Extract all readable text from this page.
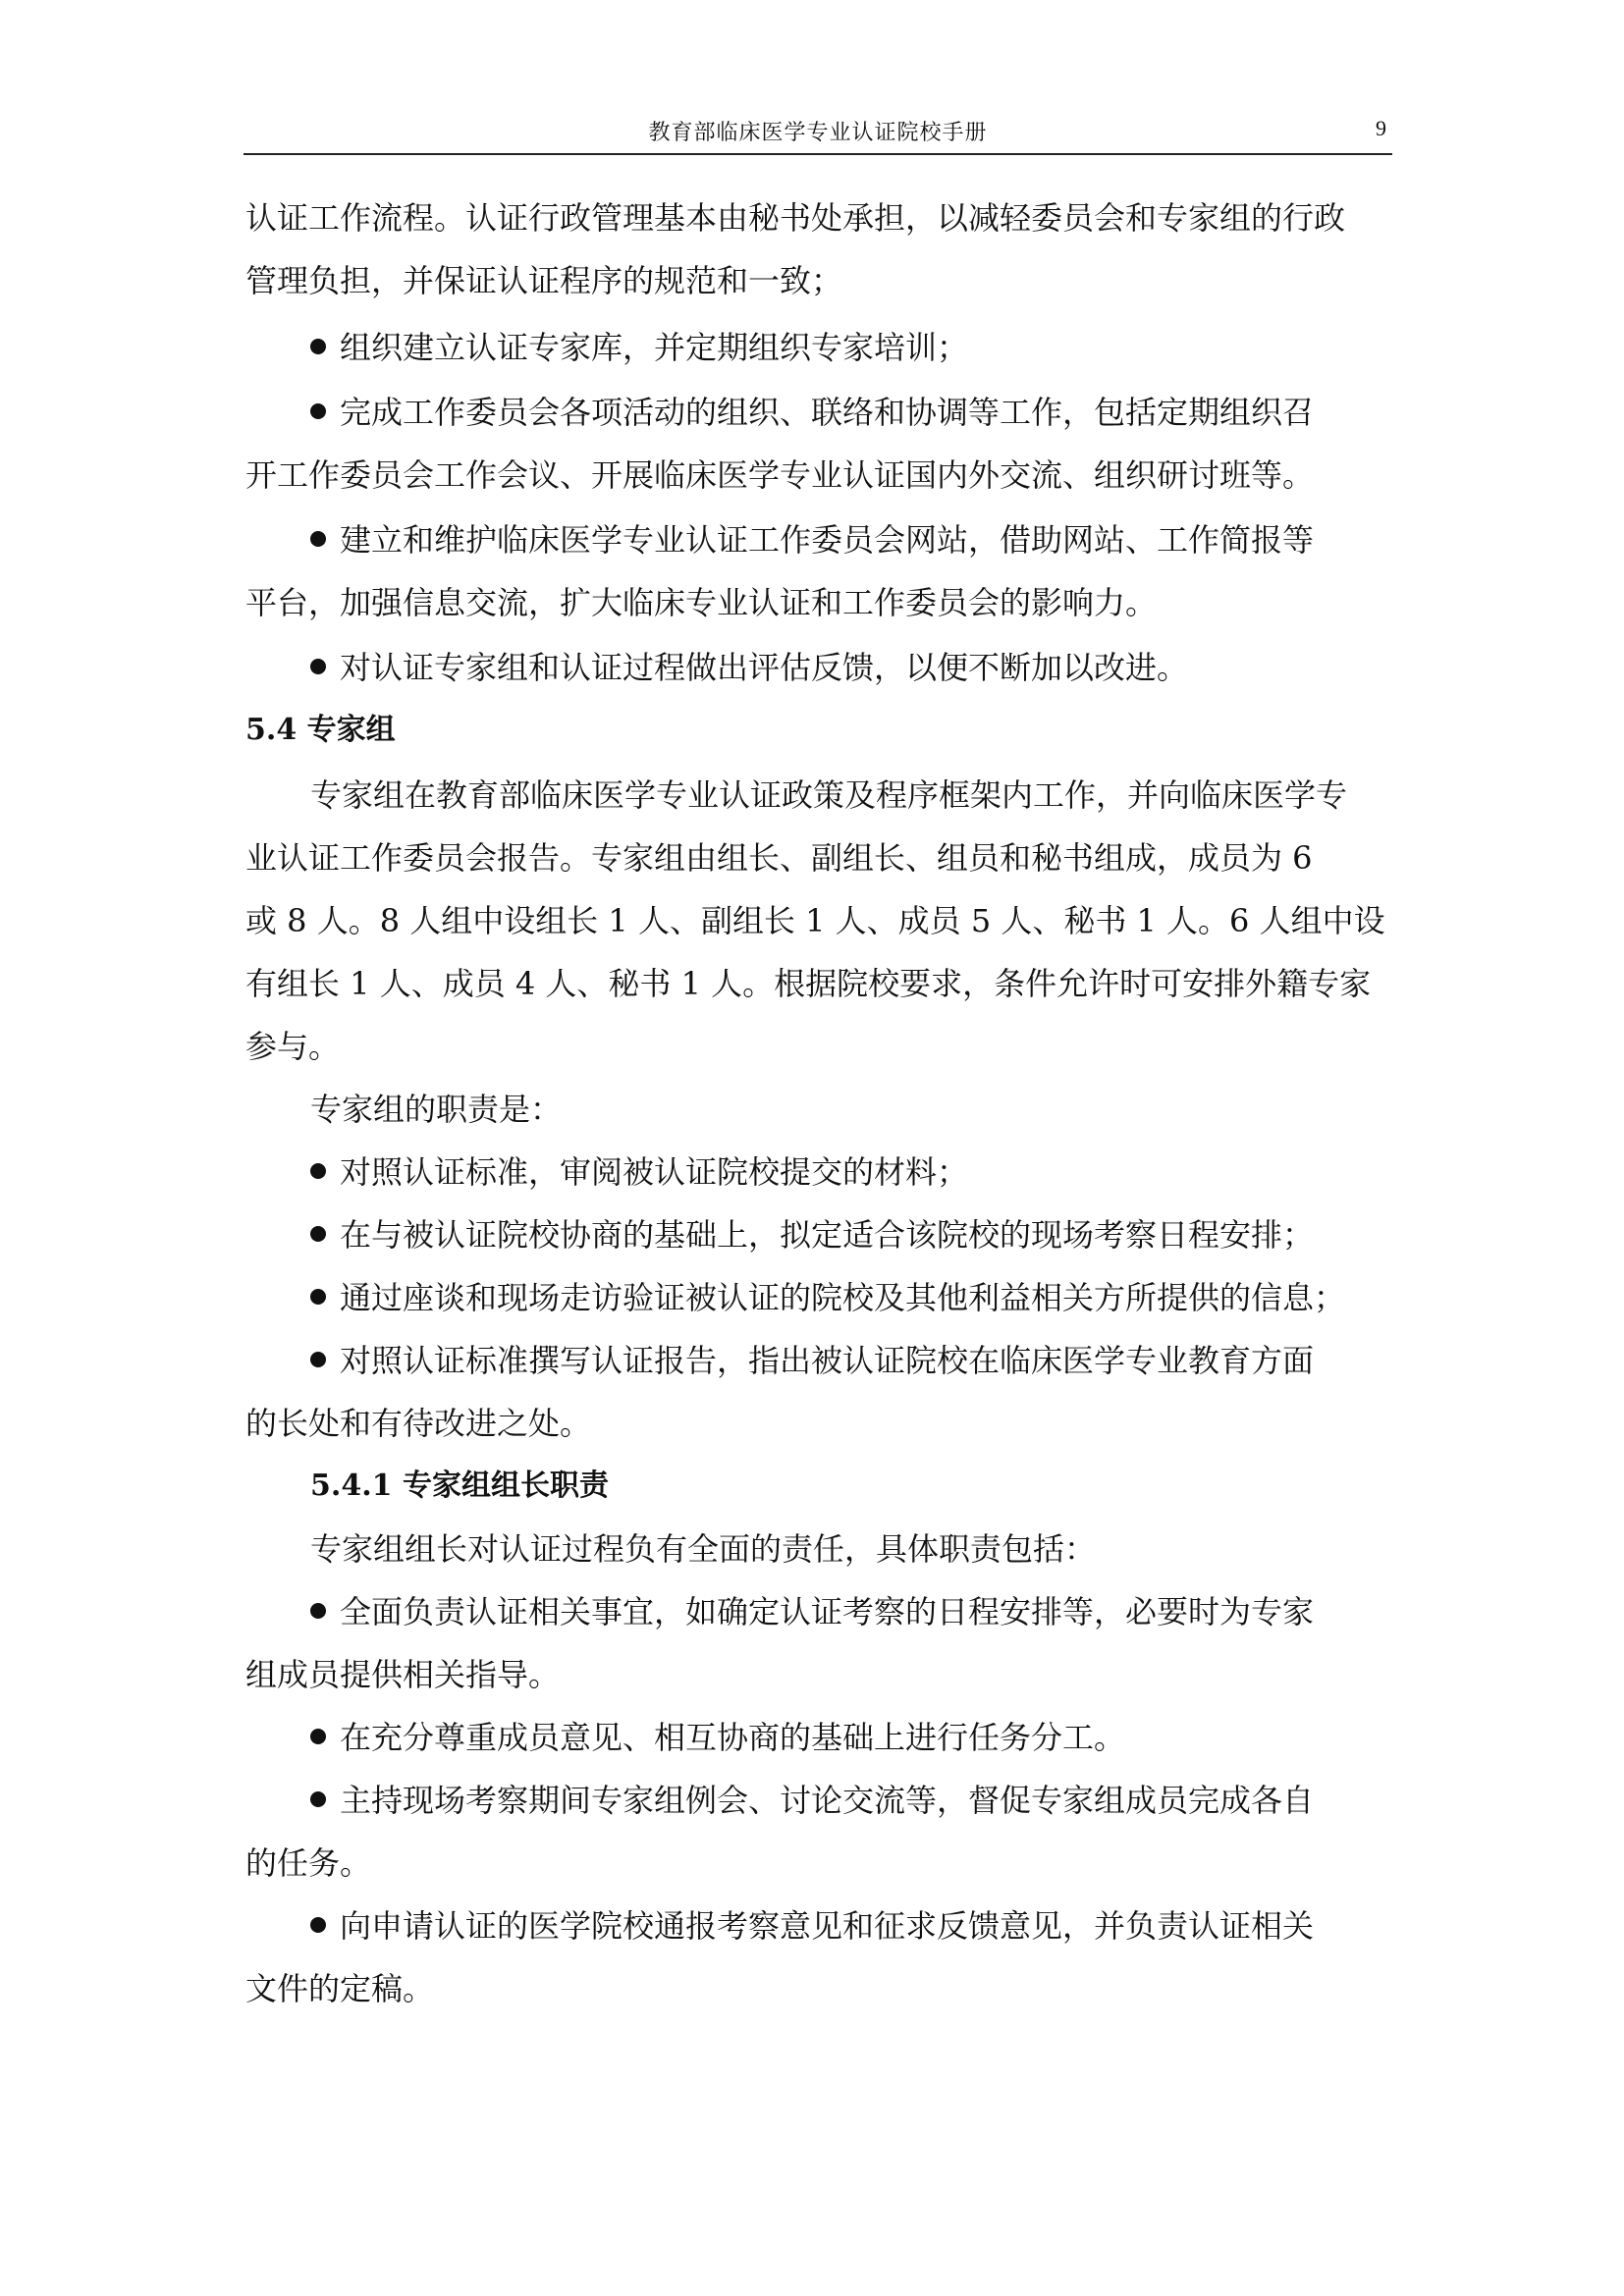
教育部临床医学专业认证院校手册	9
认证工作流程。认证行政管理基本由秘书处承担，以减轻委员会和专家组的行政
管理负担，并保证认证程序的规范和一致；
组织建立认证专家库，并定期组织专家培训；
完成工作委员会各项活动的组织、联络和协调等工作，包括定期组织召
开工作委员会工作会议、开展临床医学专业认证国内外交流、组织研讨班等。
建立和维护临床医学专业认证工作委员会网站，借助网站、工作简报等
平台，加强信息交流，扩大临床专业认证和工作委员会的影响力。
对认证专家组和认证过程做出评估反馈，以便不断加以改进。
5.4 专家组
专家组在教育部临床医学专业认证政策及程序框架内工作，并向临床医学专
业认证工作委员会报告。专家组由组长、副组长、组员和秘书组成，成员为 6
或 8 人。8 人组中设组长 1 人、副组长 1 人、成员 5 人、秘书 1 人。6 人组中设
有组长 1 人、成员 4 人、秘书 1 人。根据院校要求，条件允许时可安排外籍专家
参与。
专家组的职责是：
对照认证标准，审阅被认证院校提交的材料；
在与被认证院校协商的基础上，拟定适合该院校的现场考察日程安排；
通过座谈和现场走访验证被认证的院校及其他利益相关方所提供的信息；
对照认证标准撰写认证报告，指出被认证院校在临床医学专业教育方面
的长处和有待改进之处。
5.4.1 专家组组长职责
专家组组长对认证过程负有全面的责任，具体职责包括：
全面负责认证相关事宜，如确定认证考察的日程安排等，必要时为专家
组成员提供相关指导。
在充分尊重成员意见、相互协商的基础上进行任务分工。
主持现场考察期间专家组例会、讨论交流等，督促专家组成员完成各自
的任务。
向申请认证的医学院校通报考察意见和征求反馈意见，并负责认证相关
文件的定稿。
